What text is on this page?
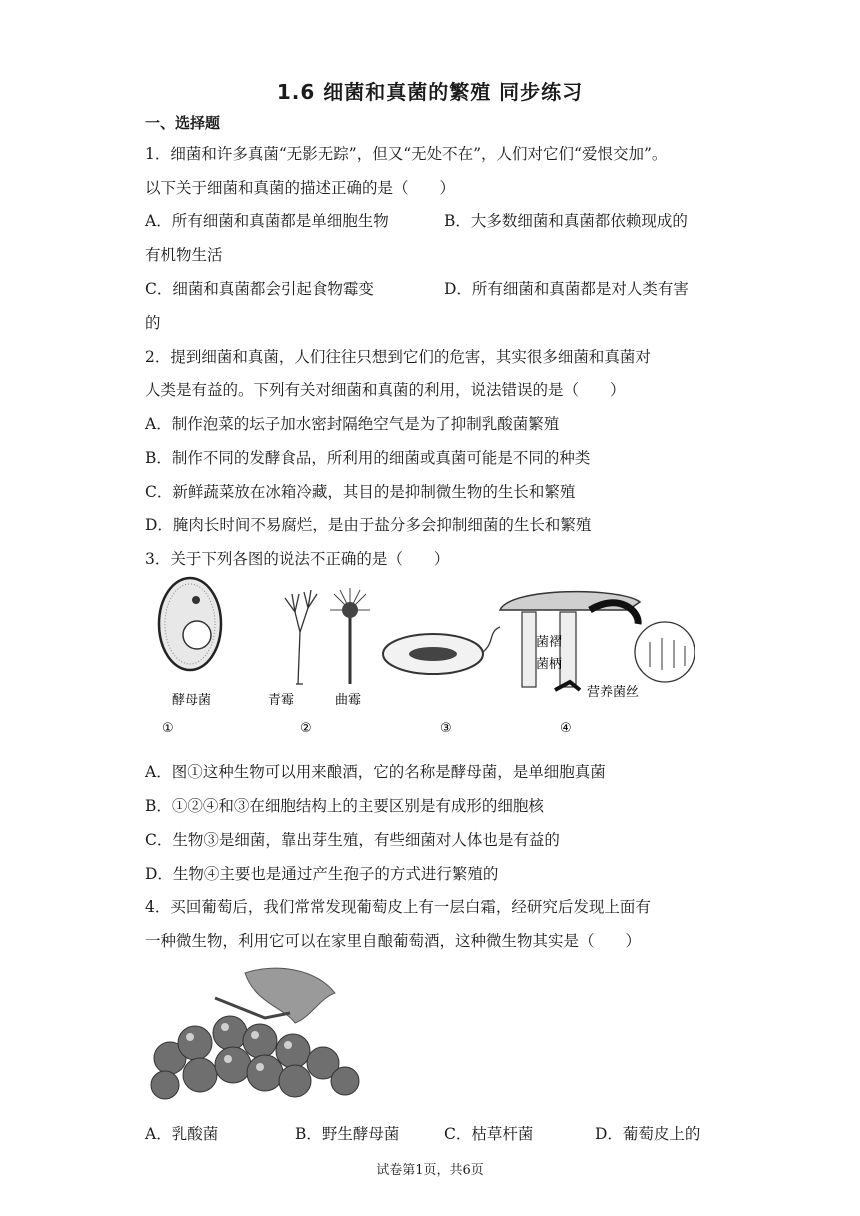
1.6 细菌和真菌的繁殖 同步练习
一、选择题
1．细菌和许多真菌“无影无踪”，但又“无处不在”，人们对它们“爱恨交加”。
以下关于细菌和真菌的描述正确的是（　　）
A．所有细菌和真菌都是单细胞生物	B．大多数细菌和真菌都依赖现成的
有机物生活
C．细菌和真菌都会引起食物霉变	D．所有细菌和真菌都是对人类有害
的
2．提到细菌和真菌，人们往往只想到它们的危害，其实很多细菌和真菌对
人类是有益的。下列有关对细菌和真菌的利用，说法错误的是（　　）
A．制作泡菜的坛子加水密封隔绝空气是为了抑制乳酸菌繁殖
B．制作不同的发酵食品，所利用的细菌或真菌可能是不同的种类
C．新鲜蔬菜放在冰箱冷藏，其目的是抑制微生物的生长和繁殖
D．腌肉长时间不易腐烂，是由于盐分多会抑制细菌的生长和繁殖
3．关于下列各图的说法不正确的是（　　）
酵母菌	青霉	曲霉
菌褶
菌柄
营养菌丝
①	②	③	④
A．图①这种生物可以用来酿酒，它的名称是酵母菌，是单细胞真菌
B．①②④和③在细胞结构上的主要区别是有成形的细胞核
C．生物③是细菌，靠出芽生殖，有些细菌对人体也是有益的
D．生物④主要也是通过产生孢子的方式进行繁殖的
4．买回葡萄后，我们常常发现葡萄皮上有一层白霜，经研究后发现上面有
一种微生物，利用它可以在家里自酿葡萄酒，这种微生物其实是（　　）
A．乳酸菌	B．野生酵母菌	C．枯草杆菌	D．葡萄皮上的
试卷第1页，共6页
